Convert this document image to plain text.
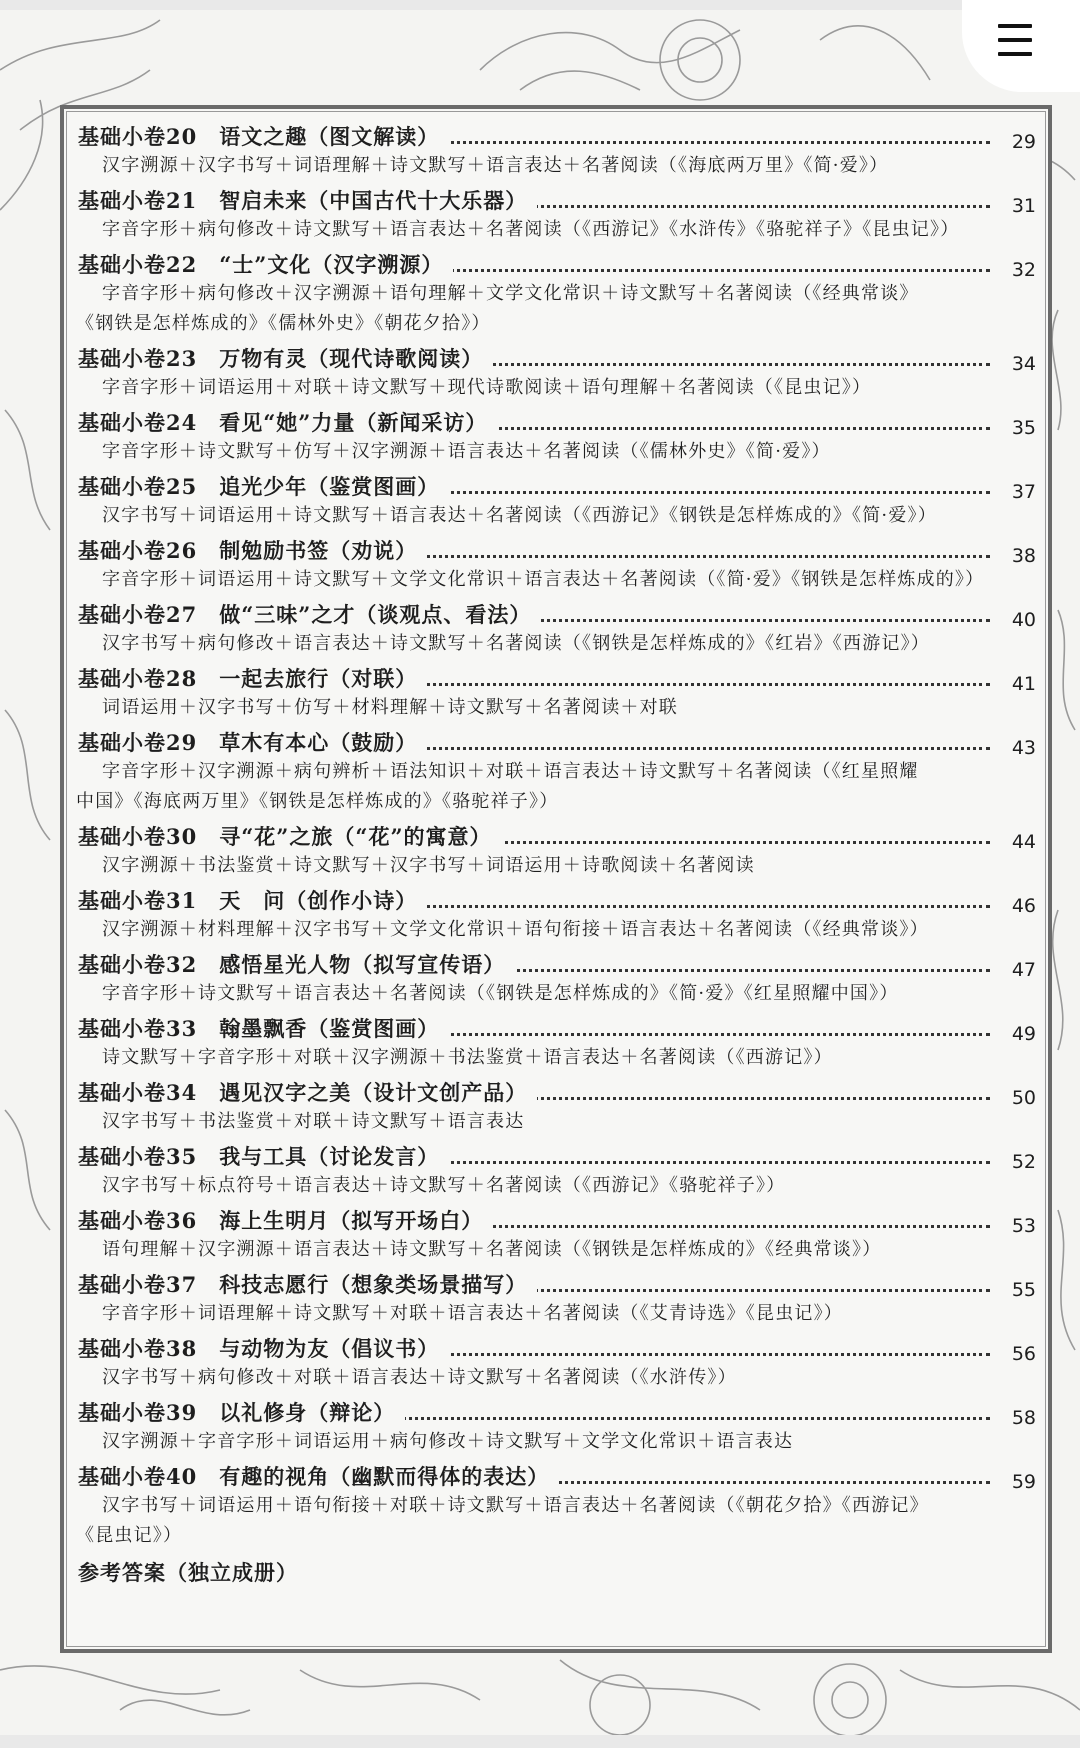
基础小卷20　语文之趣（图文解读）	29

汉字溯源＋汉字书写＋词语理解＋诗文默写＋语言表达＋名著阅读（《海底两万里》《简·爱》）

基础小卷21　智启未来（中国古代十大乐器）	31

字音字形＋病句修改＋诗文默写＋语言表达＋名著阅读（《西游记》《水浒传》《骆驼祥子》《昆虫记》）

基础小卷22　“士”文化（汉字溯源）	32

字音字形＋病句修改＋汉字溯源＋语句理解＋文学文化常识＋诗文默写＋名著阅读（《经典常谈》
《钢铁是怎样炼成的》《儒林外史》《朝花夕拾》）

基础小卷23　万物有灵（现代诗歌阅读）	34

字音字形＋词语运用＋对联＋诗文默写＋现代诗歌阅读＋语句理解＋名著阅读（《昆虫记》）

基础小卷24　看见“她”力量（新闻采访）	35

字音字形＋诗文默写＋仿写＋汉字溯源＋语言表达＋名著阅读（《儒林外史》《简·爱》）

基础小卷25　追光少年（鉴赏图画）	37

汉字书写＋词语运用＋诗文默写＋语言表达＋名著阅读（《西游记》《钢铁是怎样炼成的》《简·爱》）

基础小卷26　制勉励书签（劝说）	38

字音字形＋词语运用＋诗文默写＋文学文化常识＋语言表达＋名著阅读（《简·爱》《钢铁是怎样炼成的》）

基础小卷27　做“三味”之才（谈观点、看法）	40

汉字书写＋病句修改＋语言表达＋诗文默写＋名著阅读（《钢铁是怎样炼成的》《红岩》《西游记》）

基础小卷28　一起去旅行（对联）	41

词语运用＋汉字书写＋仿写＋材料理解＋诗文默写＋名著阅读＋对联

基础小卷29　草木有本心（鼓励）	43

字音字形＋汉字溯源＋病句辨析＋语法知识＋对联＋语言表达＋诗文默写＋名著阅读（《红星照耀
中国》《海底两万里》《钢铁是怎样炼成的》《骆驼祥子》）

基础小卷30　寻“花”之旅（“花”的寓意）	44

汉字溯源＋书法鉴赏＋诗文默写＋汉字书写＋词语运用＋诗歌阅读＋名著阅读

基础小卷31　天　问（创作小诗）	46

汉字溯源＋材料理解＋汉字书写＋文学文化常识＋语句衔接＋语言表达＋名著阅读（《经典常谈》）

基础小卷32　感悟星光人物（拟写宣传语）	47

字音字形＋诗文默写＋语言表达＋名著阅读（《钢铁是怎样炼成的》《简·爱》《红星照耀中国》）

基础小卷33　翰墨飘香（鉴赏图画）	49

诗文默写＋字音字形＋对联＋汉字溯源＋书法鉴赏＋语言表达＋名著阅读（《西游记》）

基础小卷34　遇见汉字之美（设计文创产品）	50

汉字书写＋书法鉴赏＋对联＋诗文默写＋语言表达

基础小卷35　我与工具（讨论发言）	52

汉字书写＋标点符号＋语言表达＋诗文默写＋名著阅读（《西游记》《骆驼祥子》）

基础小卷36　海上生明月（拟写开场白）	53

语句理解＋汉字溯源＋语言表达＋诗文默写＋名著阅读（《钢铁是怎样炼成的》《经典常谈》）

基础小卷37　科技志愿行（想象类场景描写）	55

字音字形＋词语理解＋诗文默写＋对联＋语言表达＋名著阅读（《艾青诗选》《昆虫记》）

基础小卷38　与动物为友（倡议书）	56

汉字书写＋病句修改＋对联＋语言表达＋诗文默写＋名著阅读（《水浒传》）

基础小卷39　以礼修身（辩论）	58

汉字溯源＋字音字形＋词语运用＋病句修改＋诗文默写＋文学文化常识＋语言表达

基础小卷40　有趣的视角（幽默而得体的表达）	59

汉字书写＋词语运用＋语句衔接＋对联＋诗文默写＋语言表达＋名著阅读（《朝花夕拾》《西游记》
《昆虫记》）

参考答案（独立成册）
